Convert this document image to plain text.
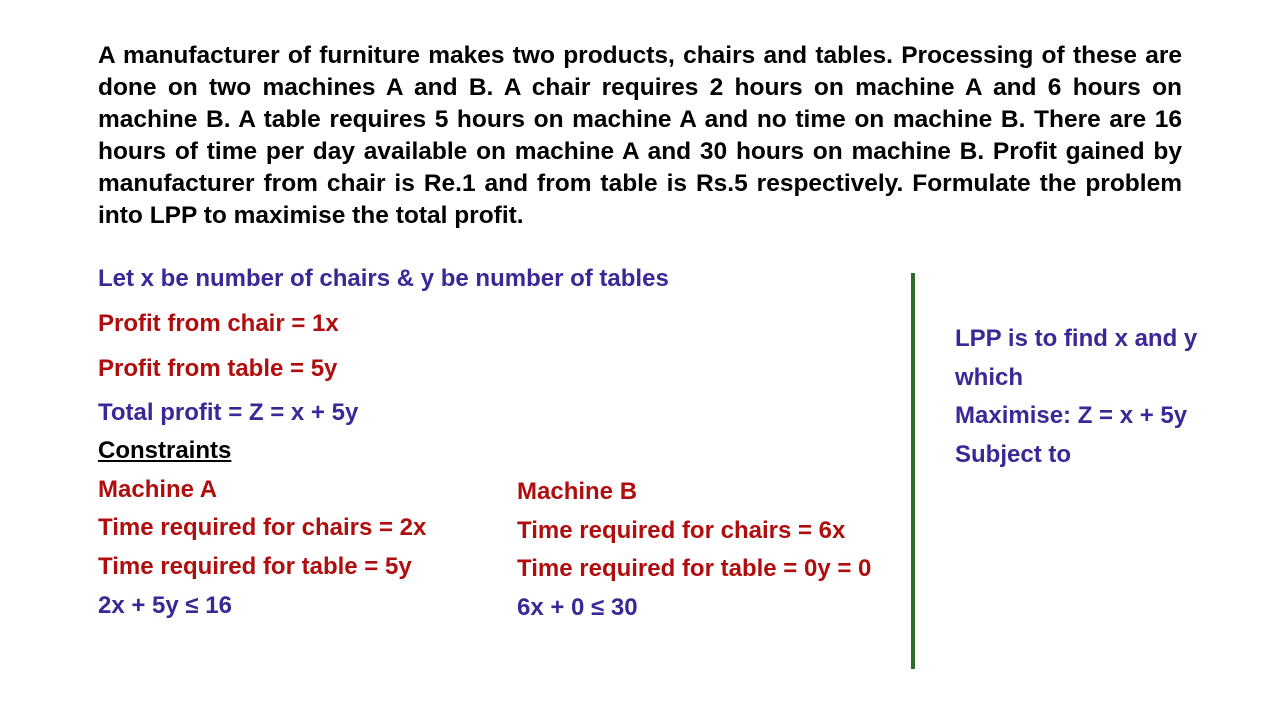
A manufacturer of furniture makes two products, chairs and tables. Processing of these are done on two machines A and B. A chair requires 2 hours on machine A and 6 hours on machine B. A table requires 5 hours on machine A and no time on machine B. There are 16 hours of time per day available on machine A and 30 hours on machine B. Profit gained by manufacturer from chair is Re.1 and from table is Rs.5 respectively. Formulate the problem into LPP to maximise the total profit.

Let x be number of chairs & y be number of tables
Profit from chair = 1x
Profit from table = 5y
Total profit = Z = x + 5y
Constraints
Machine A
Time required for chairs = 2x
Time required for table = 5y
2x + 5y ≤ 16
Machine B
Time required for chairs = 6x
Time required for table = 0y = 0
6x + 0 ≤ 30
LPP is to find x and y
which
Maximise: Z = x + 5y
Subject to
